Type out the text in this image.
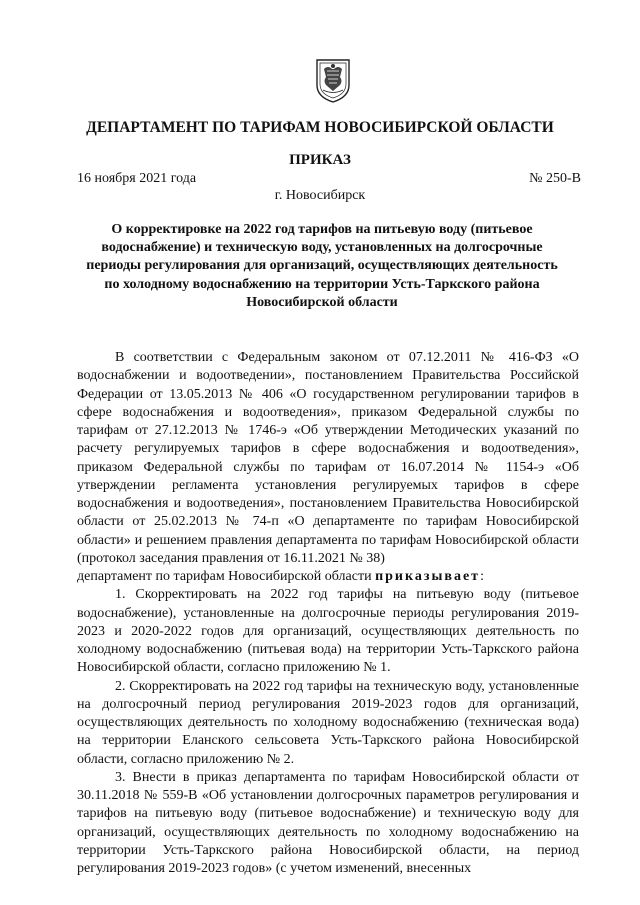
ДЕПАРТАМЕНТ ПО ТАРИФАМ НОВОСИБИРСКОЙ ОБЛАСТИ

ПРИКАЗ

16 ноября 2021 года	№ 250-В

г. Новосибирск

О корректировке на 2022 год тарифов на питьевую воду (питьевое водоснабжение) и техническую воду, установленных на долгосрочные периоды регулирования для организаций, осуществляющих деятельность по холодному водоснабжению на территории Усть-Таркского района Новосибирской области

В соответствии с Федеральным законом от 07.12.2011 № 416-ФЗ «О водоснабжении и водоотведении», постановлением Правительства Российской Федерации от 13.05.2013 № 406 «О государственном регулировании тарифов в сфере водоснабжения и водоотведения», приказом Федеральной службы по тарифам от 27.12.2013 № 1746-э «Об утверждении Методических указаний по расчету регулируемых тарифов в сфере водоснабжения и водоотведения», приказом Федеральной службы по тарифам от 16.07.2014 № 1154-э «Об утверждении регламента установления регулируемых тарифов в сфере водоснабжения и водоотведения», постановлением Правительства Новосибирской области от 25.02.2013 № 74-п «О департаменте по тарифам Новосибирской области» и решением правления департамента по тарифам Новосибирской области (протокол заседания правления от 16.11.2021 № 38)

департамент по тарифам Новосибирской области приказывает:

1. Скорректировать на 2022 год тарифы на питьевую воду (питьевое водоснабжение), установленные на долгосрочные периоды регулирования 2019-2023 и 2020-2022 годов для организаций, осуществляющих деятельность по холодному водоснабжению (питьевая вода) на территории Усть-Таркского района Новосибирской области, согласно приложению № 1.

2. Скорректировать на 2022 год тарифы на техническую воду, установленные на долгосрочный период регулирования 2019-2023 годов для организаций, осуществляющих деятельность по холодному водоснабжению (техническая вода) на территории Еланского сельсовета Усть-Таркского района Новосибирской области, согласно приложению № 2.

3. Внести в приказ департамента по тарифам Новосибирской области от 30.11.2018 № 559-В «Об установлении долгосрочных параметров регулирования и тарифов на питьевую воду (питьевое водоснабжение) и техническую воду для организаций, осуществляющих деятельность по холодному водоснабжению на территории Усть-Таркского района Новосибирской области, на период регулирования 2019-2023 годов» (с учетом изменений, внесенных
